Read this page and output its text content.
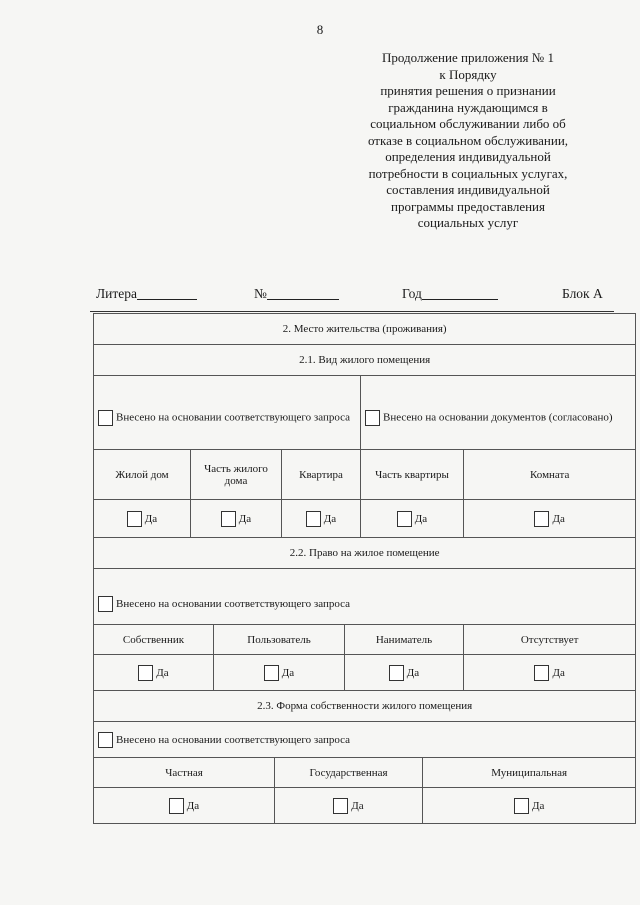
8
Продолжение приложения № 1
к Порядку
принятия решения о признании
гражданина нуждающимся в
социальном обслуживании либо об
отказе в социальном обслуживании,
определения индивидуальной
потребности в социальных услугах,
составления индивидуальной
программы предоставления
социальных услуг
Литера	№	Год	Блок А
2. Место жительства (проживания)								
2.1. Вид жилого помещения								
Внесено на основании соответствующего запроса						Внесено на основании документов (согласовано)		
Жилой дом	Часть жилого дома			Квартира		Часть квартиры		Комната
Да	Да			Да		Да		Да
2.2. Право на жилое помещение								
Внесено на основании соответствующего запроса								
Собственник		Пользователь			Наниматель			Отсутствует
Да		Да			Да			Да
2.3. Форма собственности жилого помещения								
Внесено на основании соответствующего запроса								
Частная			Государственная				Муниципальная	
Да			Да				Да	
